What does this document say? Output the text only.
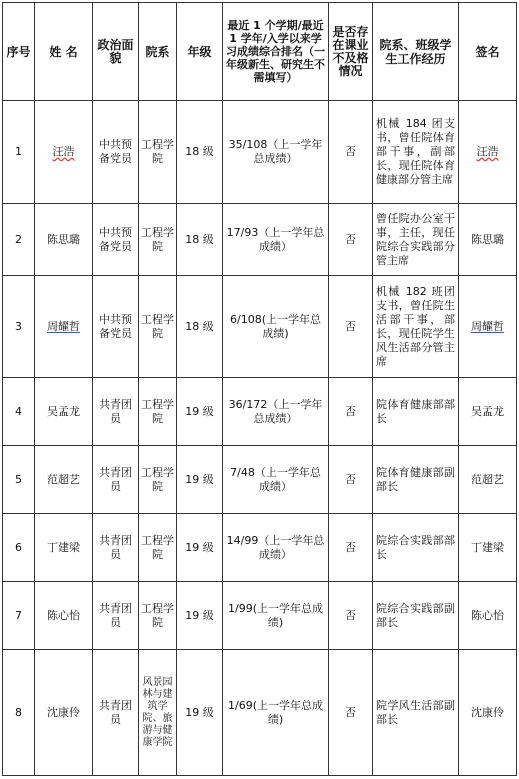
序号	姓 名	政治面貌	院系	年级	最近 1 个学期/最近 1 学年/入学以来学习成绩综合排名（一年级新生、研究生不需填写）	是否存在课业不及格情况	院系、班级学生工作经历	签名
1	汪浩	中共预备党员	工程学院	18 级	35/108（上一学年总成绩）	否	机械 184 团支书，曾任院体育部干事，副部长，现任院体育健康部分管主席	汪浩
2	陈思璐	中共预备党员	工程学院	18 级	17/93（上一学年总成绩）	否	曾任院办公室干事，主任，现任院综合实践部分管主席	陈思璐
3	周耀哲	中共预备党员	工程学院	18 级	6/108(上一学年总成绩)	否	机械 182 班团支书，曾任院生活部干事，部长，现任院学生风生活部分管主席	周耀哲
4	吴孟龙	共青团员	工程学院	19 级	36/172（上一学年总成绩）	否	院体育健康部部长	吴孟龙
5	范超艺	共青团员	工程学院	19 级	7/48（上一学年总成绩）	否	院体育健康部副部长	范超艺
6	丁建梁	共青团员	工程学院	19 级	14/99（上一学年总成绩）	否	院综合实践部部长	丁建梁
7	陈心怡	共青团员	工程学院	19 级	1/99(上一学年总成绩)	否	院综合实践部副部长	陈心怡
8	沈康伶	共青团员	风景园林与建筑学院、旅游与健康学院	19 级	1/69(上一学年总成绩)	否	院学风生活部副部长	沈康伶
